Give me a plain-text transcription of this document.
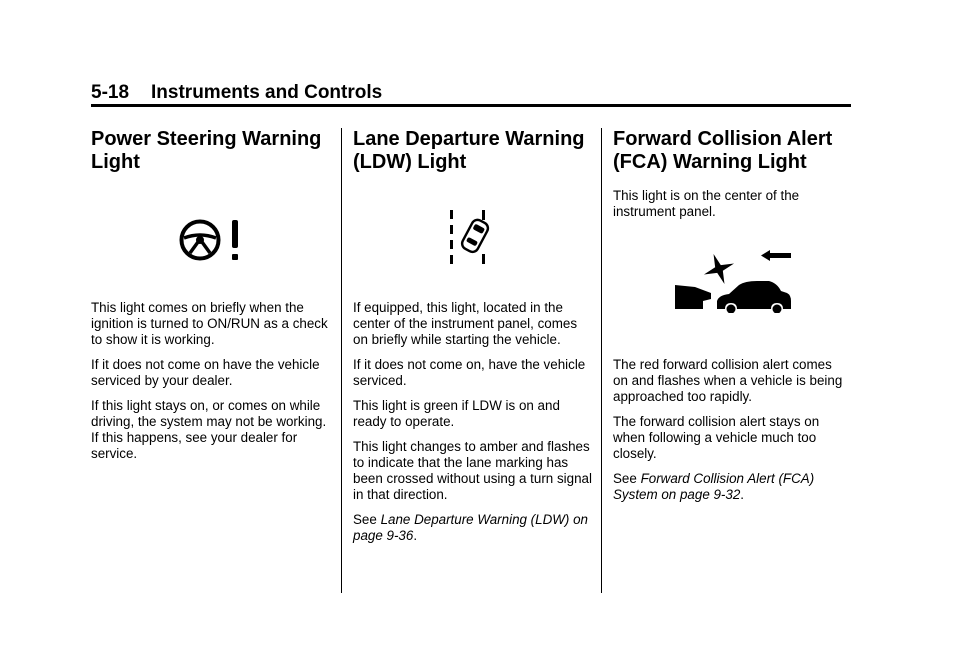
5-18 Instruments and Controls
Power Steering Warning
Light

This light comes on briefly when the ignition is turned to ON/RUN as a check to show it is working.

If it does not come on have the vehicle serviced by your dealer.

If this light stays on, or comes on while driving, the system may not be working. If this happens, see your dealer for service.

Lane Departure Warning
(LDW) Light

If equipped, this light, located in the center of the instrument panel, comes on briefly while starting the vehicle.

If it does not come on, have the vehicle serviced.

This light is green if LDW is on and ready to operate.

This light changes to amber and flashes to indicate that the lane marking has been crossed without using a turn signal in that direction.

See Lane Departure Warning (LDW) on page 9-36.

Forward Collision Alert
(FCA) Warning Light

This light is on the center of the instrument panel.

The red forward collision alert comes on and flashes when a vehicle is being approached too rapidly.

The forward collision alert stays on when following a vehicle much too closely.

See Forward Collision Alert (FCA) System on page 9-32.
